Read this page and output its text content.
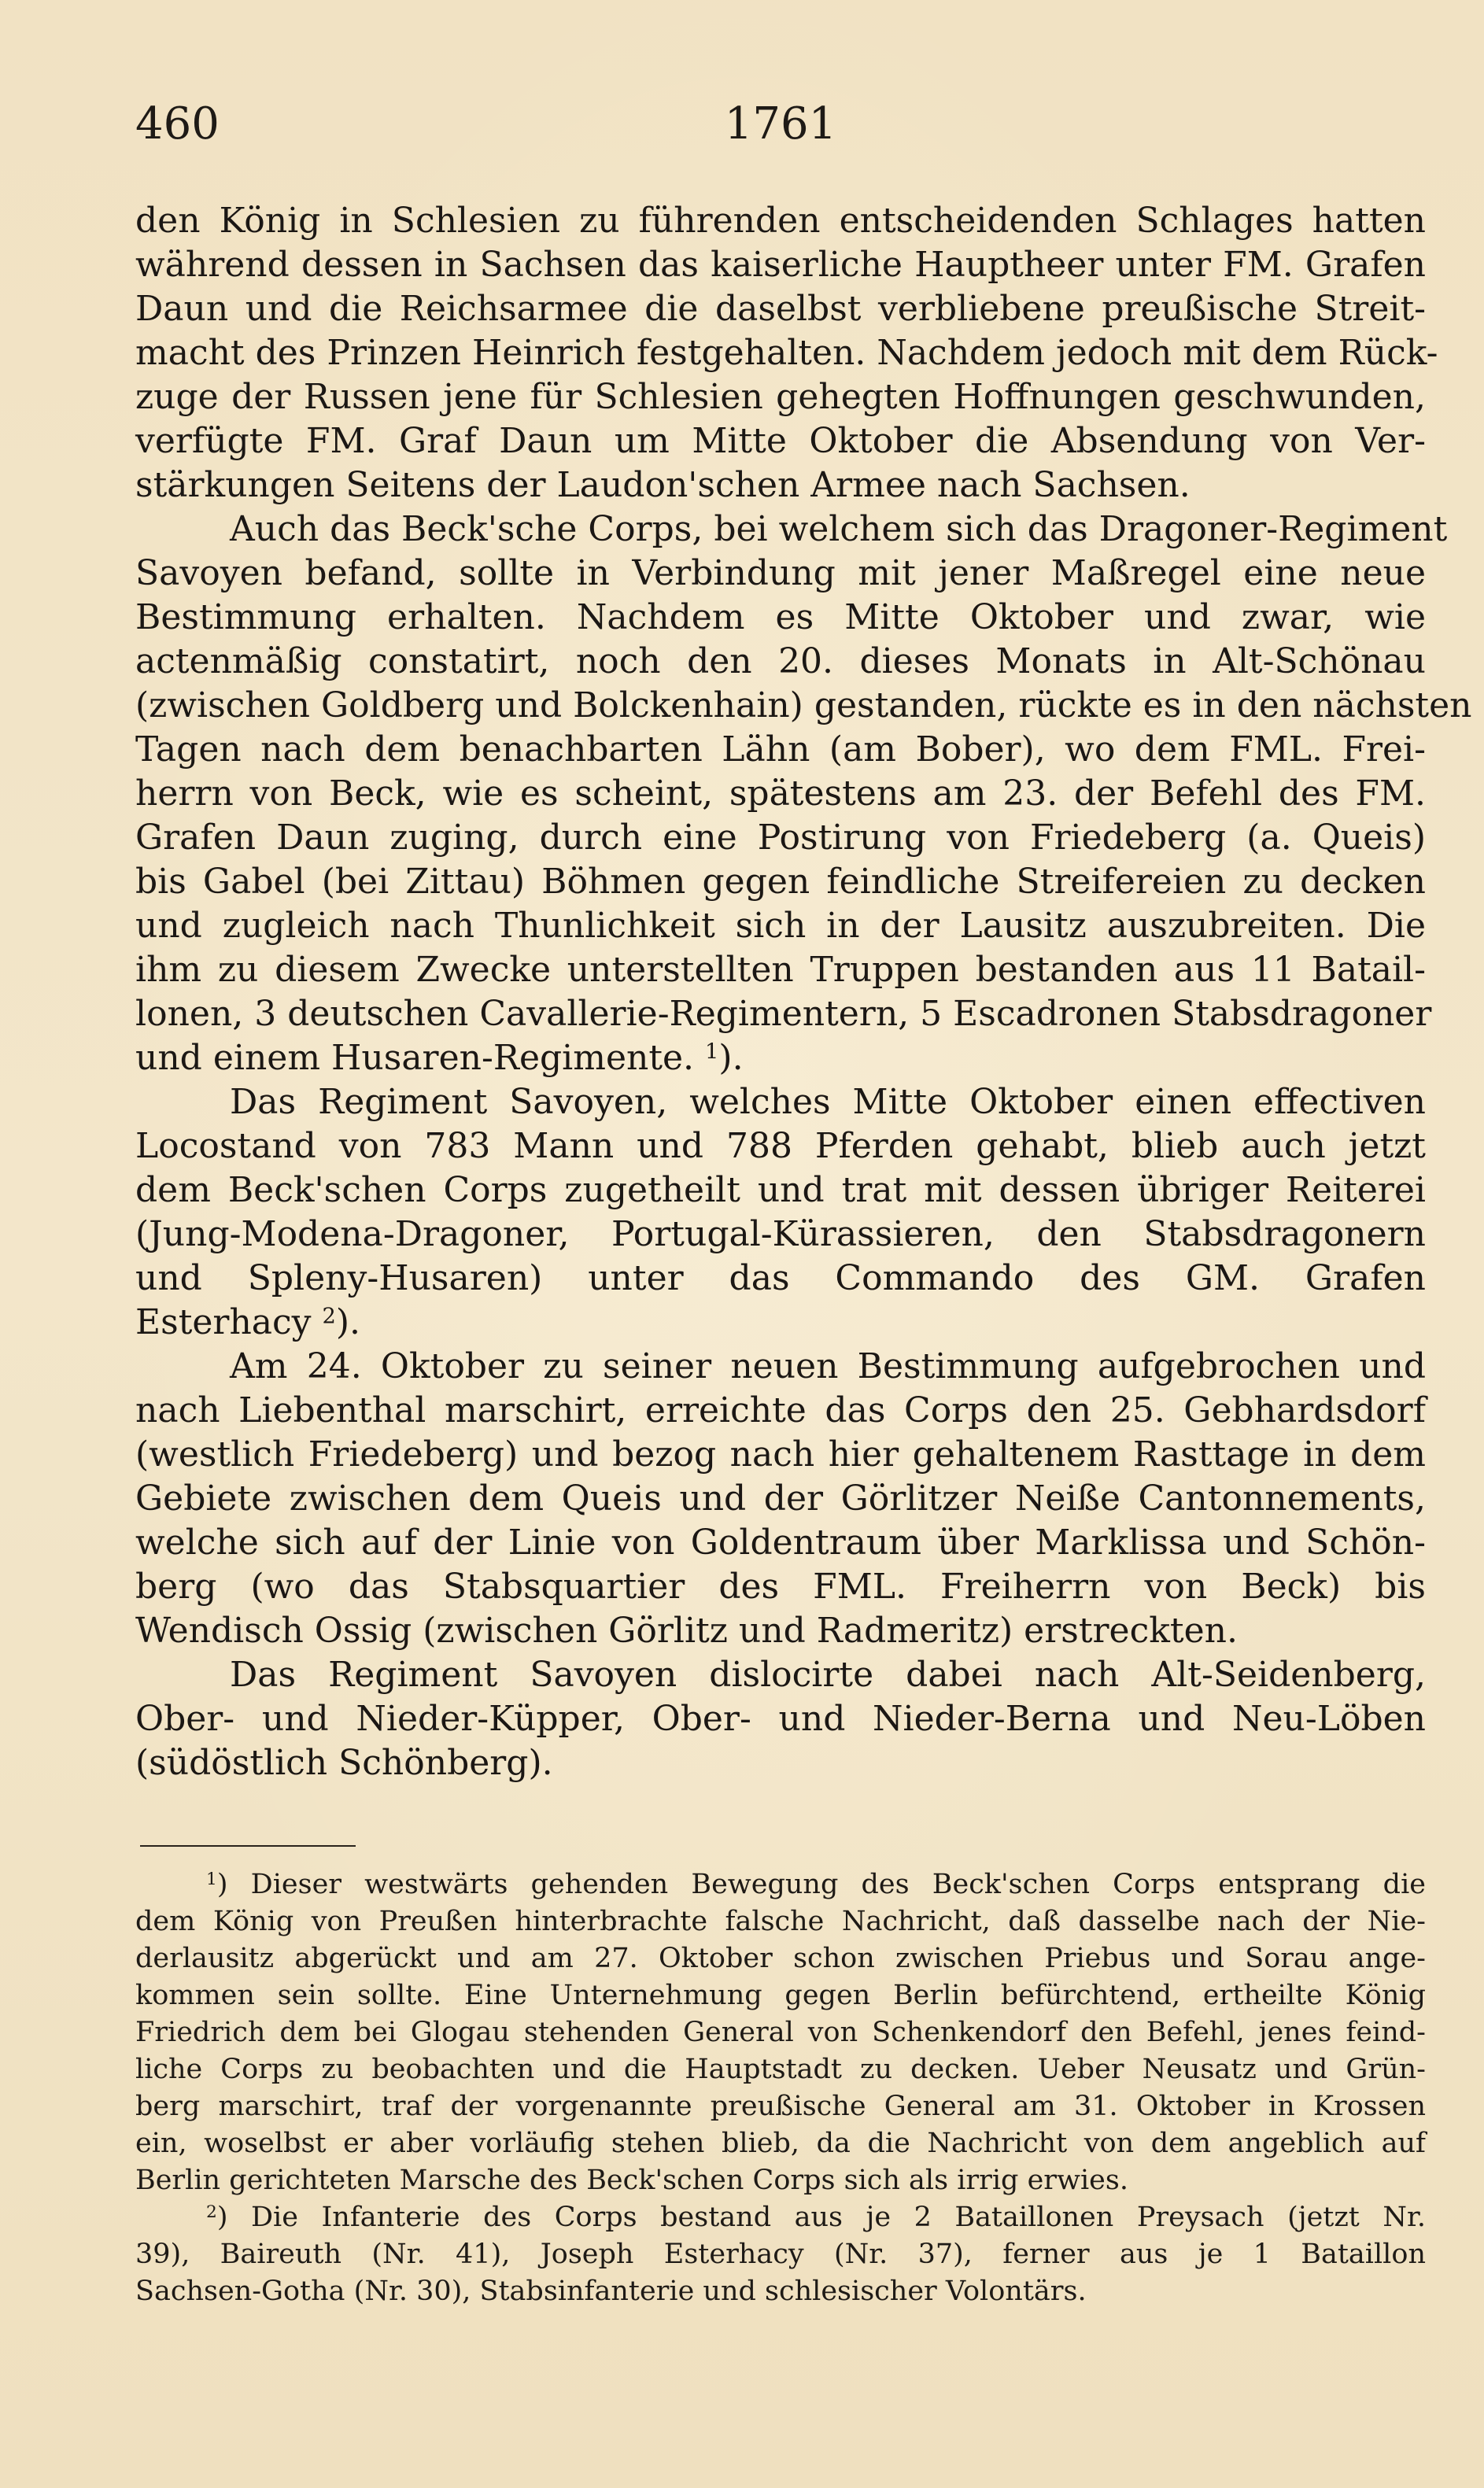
460	1761
den König in Schlesien zu führenden entscheidenden Schlages hatten
während dessen in Sachsen das kaiserliche Hauptheer unter FM. Grafen
Daun und die Reichsarmee die daselbst verbliebene preußische Streit-
macht des Prinzen Heinrich festgehalten. Nachdem jedoch mit dem Rück-
zuge der Russen jene für Schlesien gehegten Hoffnungen geschwunden,
verfügte FM. Graf Daun um Mitte Oktober die Absendung von Ver-
stärkungen Seitens der Laudon'schen Armee nach Sachsen.
Auch das Beck'sche Corps, bei welchem sich das Dragoner-Regiment
Savoyen befand, sollte in Verbindung mit jener Maßregel eine neue
Bestimmung erhalten. Nachdem es Mitte Oktober und zwar, wie
actenmäßig constatirt, noch den 20. dieses Monats in Alt-Schönau
(zwischen Goldberg und Bolckenhain) gestanden, rückte es in den nächsten
Tagen nach dem benachbarten Lähn (am Bober), wo dem FML. Frei-
herrn von Beck, wie es scheint, spätestens am 23. der Befehl des FM.
Grafen Daun zuging, durch eine Postirung von Friedeberg (a. Queis)
bis Gabel (bei Zittau) Böhmen gegen feindliche Streifereien zu decken
und zugleich nach Thunlichkeit sich in der Lausitz auszubreiten. Die
ihm zu diesem Zwecke unterstellten Truppen bestanden aus 11 Batail-
lonen, 3 deutschen Cavallerie-Regimentern, 5 Escadronen Stabsdragoner
und einem Husaren-Regimente. $^1$).
Das Regiment Savoyen, welches Mitte Oktober einen effectiven
Locostand von 783 Mann und 788 Pferden gehabt, blieb auch jetzt
dem Beck'schen Corps zugetheilt und trat mit dessen übriger Reiterei
(Jung-Modena-Dragoner, Portugal-Kürassieren, den Stabsdragonern
und Spleny-Husaren) unter das Commando des GM. Grafen
Esterhacy $^2$).
Am 24. Oktober zu seiner neuen Bestimmung aufgebrochen und
nach Liebenthal marschirt, erreichte das Corps den 25. Gebhardsdorf
(westlich Friedeberg) und bezog nach hier gehaltenem Rasttage in dem
Gebiete zwischen dem Queis und der Görlitzer Neiße Cantonnements,
welche sich auf der Linie von Goldentraum über Marklissa und Schön-
berg (wo das Stabsquartier des FML. Freiherrn von Beck) bis
Wendisch Ossig (zwischen Görlitz und Radmeritz) erstreckten.
Das Regiment Savoyen dislocirte dabei nach Alt-Seidenberg,
Ober- und Nieder-Küpper, Ober- und Nieder-Berna und Neu-Löben
(südöstlich Schönberg).
$^1$) Dieser westwärts gehenden Bewegung des Beck'schen Corps entsprang die
dem König von Preußen hinterbrachte falsche Nachricht, daß dasselbe nach der Nie-
derlausitz abgerückt und am 27. Oktober schon zwischen Priebus und Sorau ange-
kommen sein sollte. Eine Unternehmung gegen Berlin befürchtend, ertheilte König
Friedrich dem bei Glogau stehenden General von Schenkendorf den Befehl, jenes feind-
liche Corps zu beobachten und die Hauptstadt zu decken. Ueber Neusatz und Grün-
berg marschirt, traf der vorgenannte preußische General am 31. Oktober in Krossen
ein, woselbst er aber vorläufig stehen blieb, da die Nachricht von dem angeblich auf
Berlin gerichteten Marsche des Beck'schen Corps sich als irrig erwies.
$^2$) Die Infanterie des Corps bestand aus je 2 Bataillonen Preysach (jetzt Nr.
39), Baireuth (Nr. 41), Joseph Esterhacy (Nr. 37), ferner aus je 1 Bataillon
Sachsen-Gotha (Nr. 30), Stabsinfanterie und schlesischer Volontärs.
